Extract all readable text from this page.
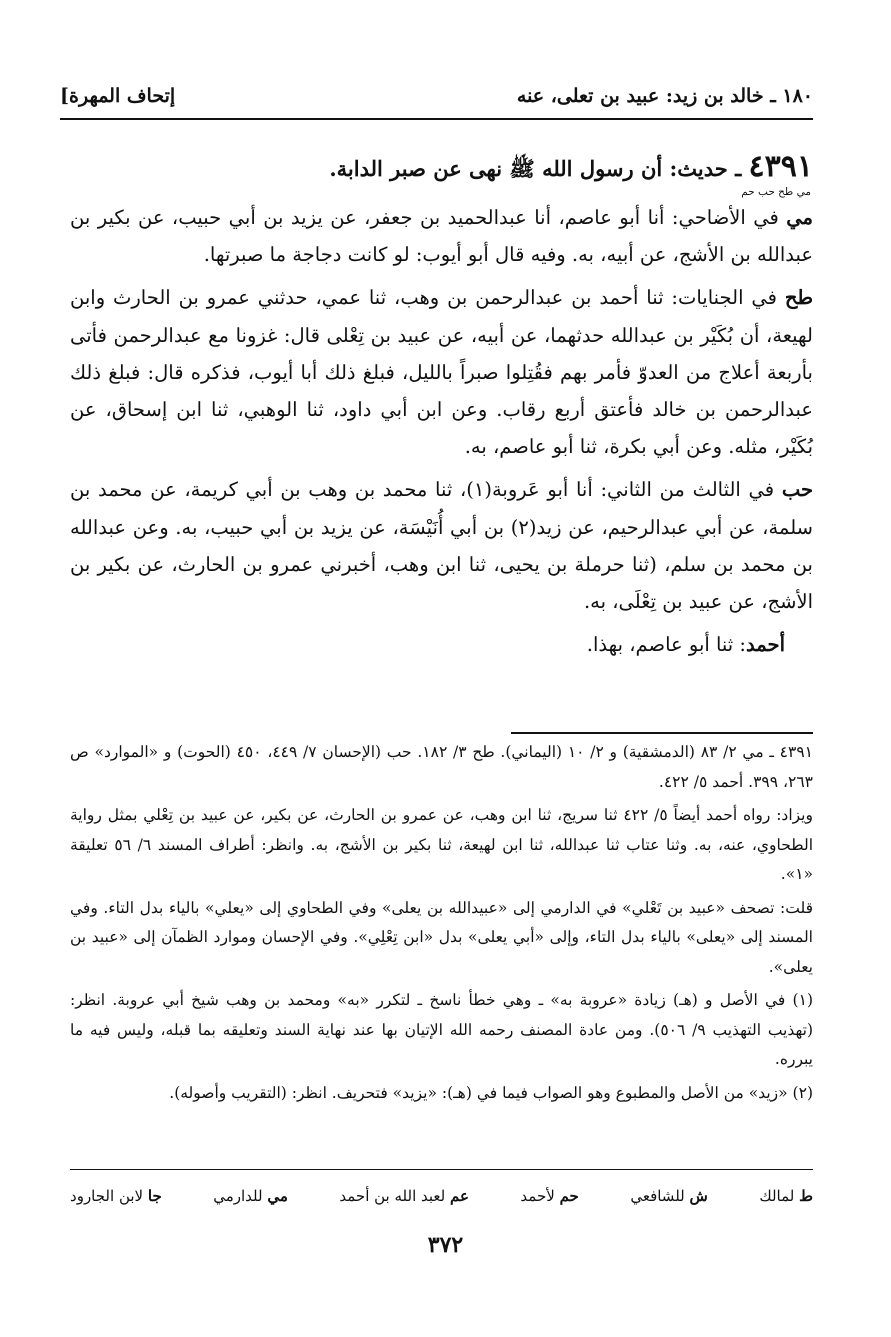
[إتحاف المهرة	١٨٠ ـ خالد بن زيد: عبيد بن تعلى، عنه

٤٣٩١ ـ حديث: أن رسول الله ﷺ نهى عن صبر الدابة.

مي طح حب حم

مي في الأضاحي: أنا أبو عاصم، أنا عبدالحميد بن جعفر، عن يزيد بن أبي حبيب، عن بكير بن عبدالله بن الأشج، عن أبيه، به. وفيه قال أبو أيوب: لو كانت دجاجة ما صبرتها.

طح في الجنايات: ثنا أحمد بن عبدالرحمن بن وهب، ثنا عمي، حدثني عمرو بن الحارث وابن لهيعة، أن بُكَيْر بن عبدالله حدثهما، عن أبيه، عن عبيد بن تِعْلى قال: غزونا مع عبدالرحمن فأتى بأربعة أعلاج من العدوّ فأمر بهم فقُتِلوا صبراً بالليل، فبلغ ذلك أبا أيوب، فذكره قال: فبلغ ذلك عبدالرحمن بن خالد فأعتق أربع رقاب. وعن ابن أبي داود، ثنا الوهبي، ثنا ابن إسحاق، عن بُكَيْر، مثله. وعن أبي بكرة، ثنا أبو عاصم، به.

حب في الثالث من الثاني: أنا أبو عَروبة(١)، ثنا محمد بن وهب بن أبي كريمة، عن محمد بن سلمة، عن أبي عبدالرحيم، عن زيد(٢) بن أبي أُنَيْسَة، عن يزيد بن أبي حبيب، به. وعن عبدالله بن محمد بن سلم، (ثنا حرملة بن يحيى، ثنا ابن وهب، أخبرني عمرو بن الحارث، عن بكير بن الأشج، عن عبيد بن تِعْلَى، به.

أحمد: ثنا أبو عاصم، بهذا.

٤٣٩١ ـ مي ٢/ ٨٣ (الدمشقية) و ٢/ ١٠ (اليماني). طح ٣/ ١٨٢. حب (الإحسان ٧/ ٤٤٩، ٤٥٠ (الحوت) و «الموارد» ص ٢٦٣، ٣٩٩. أحمد ٥/ ٤٢٢.

ويزاد: رواه أحمد أيضاً ٥/ ٤٢٢ ثنا سريج، ثنا ابن وهب، عن عمرو بن الحارث، عن بكير، عن عبيد بن تِعْلي بمثل رواية الطحاوي، عنه، به. وثنا عتاب ثنا عبدالله، ثنا ابن لهيعة، ثنا بكير بن الأشج، به. وانظر: أطراف المسند ٦/ ٥٦ تعليقة «١».

قلت: تصحف «عبيد بن تَعْلي» في الدارمي إلى «عبيدالله بن يعلى» وفي الطحاوي إلى «يعلي» بالياء بدل التاء. وفي المسند إلى «يعلى» بالياء بدل التاء، وإلى «أبي يعلى» بدل «ابن تِعْلِي». وفي الإحسان وموارد الظمآن إلى «عبيد بن يعلى».

(١) في الأصل و (هـ) زيادة «عروبة به» ـ وهي خطأ ناسخ ـ لتكرر «به» ومحمد بن وهب شيخ أبي عروبة. انظر: (تهذيب التهذيب ٩/ ٥٠٦). ومن عادة المصنف رحمه الله الإتيان بها عند نهاية السند وتعليقه بما قبله، وليس فيه ما يبرره.

(٢) «زيد» من الأصل والمطبوع وهو الصواب فيما في (هـ): «يزيد» فتحريف. انظر: (التقريب وأصوله).

ط لمالك
ش للشافعي
حم لأحمد
عم لعبد الله بن أحمد
مي للدارمي
جا لابن الجارود
٣٧٢
